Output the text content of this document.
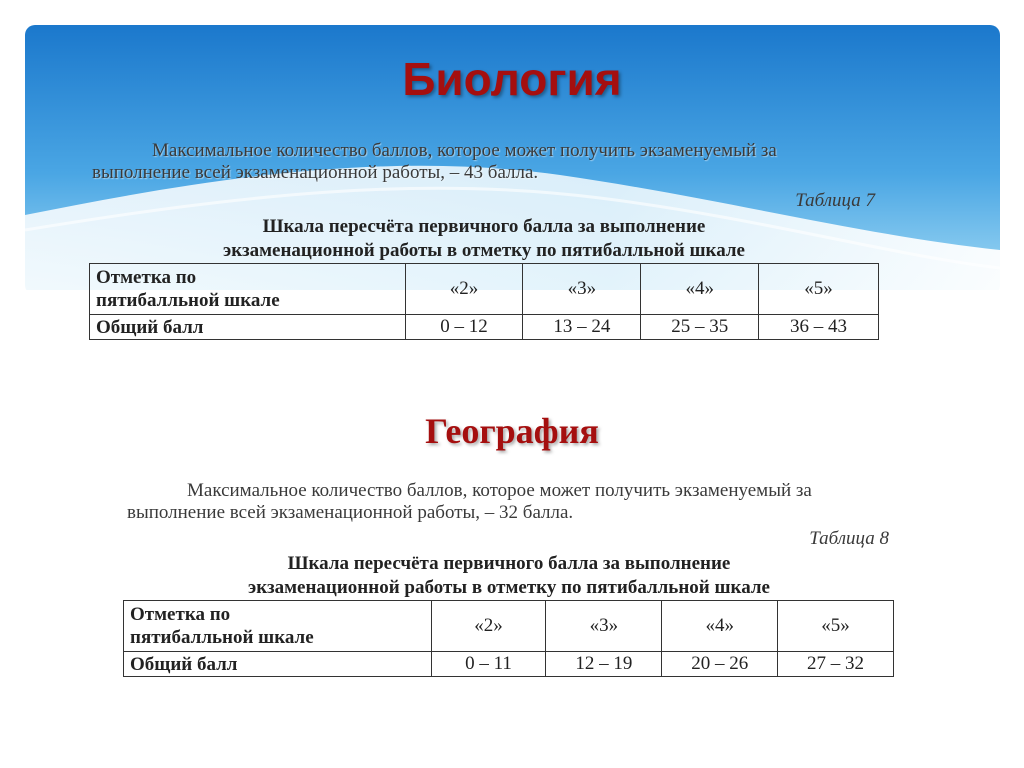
Биология

Максимальное количество баллов, которое может получить экзаменуемый за
выполнение всей экзаменационной работы, – 43 балла.

Таблица 7

Шкала пересчёта первичного балла за выполнение
экзаменационной работы в отметку по пятибалльной шкале

Отметка по
пятибалльной шкале	«2»	«3»	«4»	«5»
Общий балл	0 – 12	13 – 24	25 – 35	36 – 43
География

Максимальное количество баллов, которое может получить экзаменуемый за
выполнение всей экзаменационной работы, – 32 балла.

Таблица 8

Шкала пересчёта первичного балла за выполнение
экзаменационной работы в отметку по пятибалльной шкале

Отметка по
пятибалльной шкале	«2»	«3»	«4»	«5»
Общий балл	0 – 11	12 – 19	20 – 26	27 – 32
